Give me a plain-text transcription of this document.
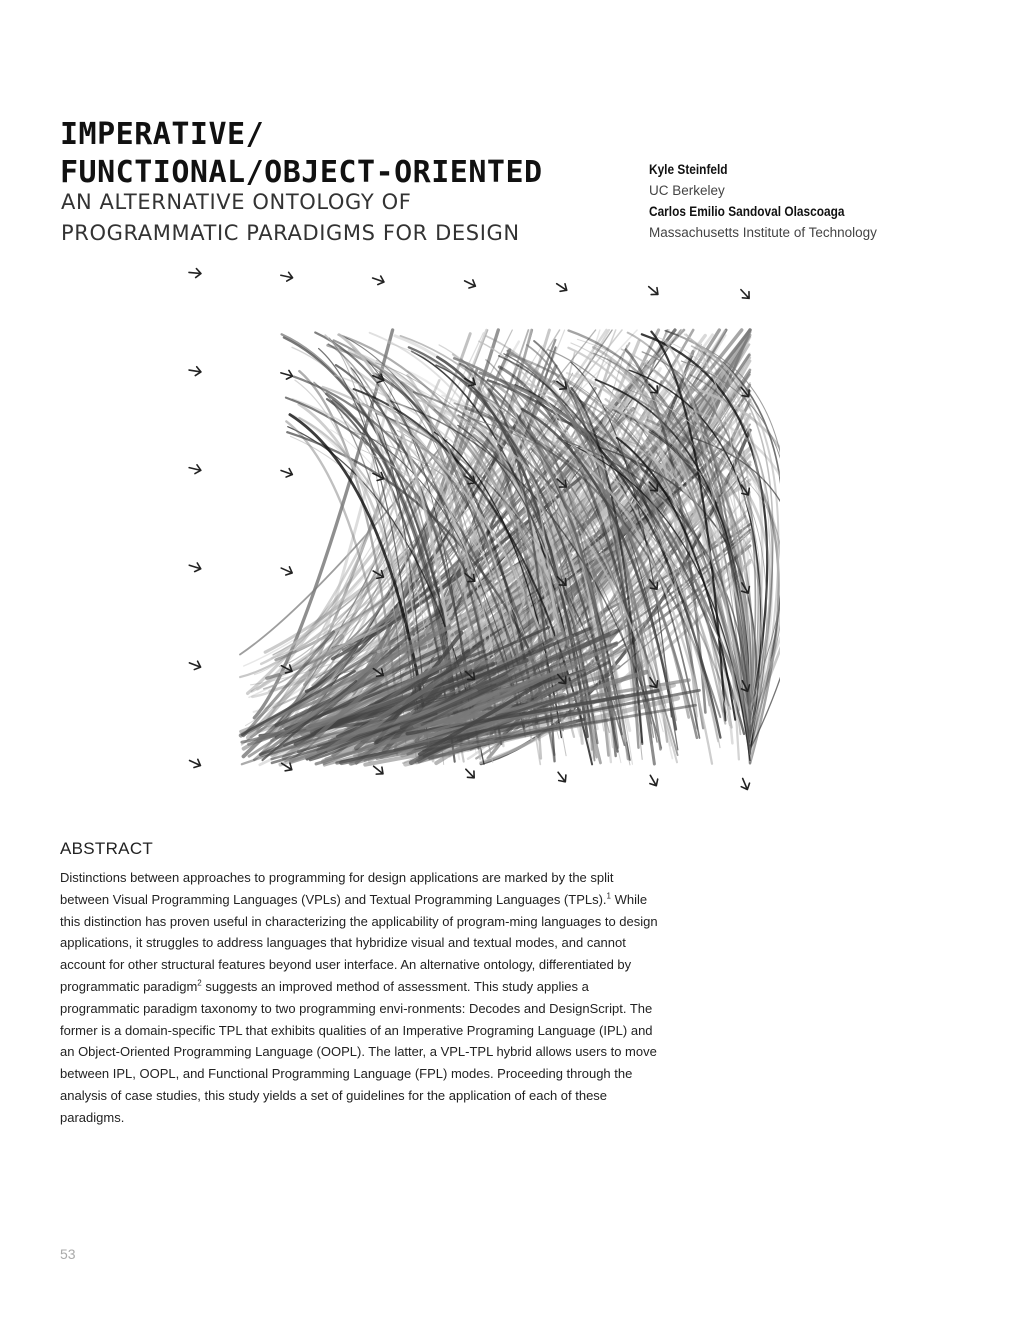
IMPERATIVE/
FUNCTIONAL/OBJECT-ORIENTED
AN ALTERNATIVE ONTOLOGY OF
PROGRAMMATIC PARADIGMS FOR DESIGN
Kyle Steinfeld
UC Berkeley
Carlos Emilio Sandoval Olascoaga
Massachusetts Institute of Technology
ABSTRACT

Distinctions between approaches to programming for design applications are marked by the split between Visual Programming Languages (VPLs) and Textual Programming Languages (TPLs).$^1$ While this distinction has proven useful in characterizing the applicability of program-ming languages to design applications, it struggles to address languages that hybridize visual and textual modes, and cannot account for other structural features beyond user interface. An alternative ontology, differentiated by programmatic paradigm$^2$ suggests an improved method of assessment. This study applies a programmatic paradigm taxonomy to two programming envi-ronments: Decodes and DesignScript. The former is a domain-specific TPL that exhibits qualities of an Imperative Programing Language (IPL) and an Object-Oriented Programming Language (OOPL). The latter, a VPL-TPL hybrid allows users to move between IPL, OOPL, and Functional Programming Language (FPL) modes. Proceeding through the analysis of case studies, this study yields a set of guidelines for the application of each of these paradigms.

53
